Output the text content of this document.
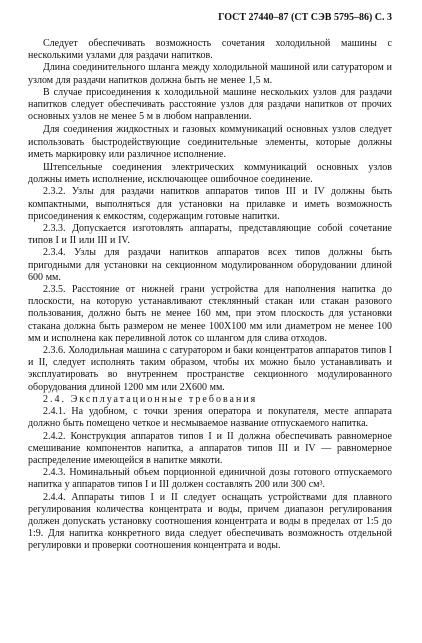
ГОСТ 27440–87 (СТ СЭВ 5795–86) С. 3

Следует обеспечивать возможность сочетания холодильной машины с несколькими узлами для раздачи напитков.

Длина соединительного шланга между холодильной машиной или сатуратором и узлом для раздачи напитков должна быть не менее 1,5 м.

В случае присоединения к холодильной машине нескольких узлов для раздачи напитков следует обеспечивать расстояние узлов для раздачи напитков от прочих основных узлов не менее 5 м в любом направлении.

Для соединения жидкостных и газовых коммуникаций основных узлов следует использовать быстродействующие соединительные элементы, которые должны иметь маркировку или различное исполнение.

Штепсельные соединения электрических коммуникаций основных узлов должны иметь исполнение, исключающее ошибочное соединение.

2.3.2. Узлы для раздачи напитков аппаратов типов III и IV должны быть компактными, выполняться для установки на прилавке и иметь возможность присоединения к емкостям, содержащим готовые напитки.

2.3.3. Допускается изготовлять аппараты, представляющие собой сочетание типов I и II или III и IV.

2.3.4. Узлы для раздачи напитков аппаратов всех типов должны быть пригодными для установки на секционном модулированном оборудовании длиной 600 мм.

2.3.5. Расстояние от нижней грани устройства для наполнения напитка до плоскости, на которую устанавливают стеклянный стакан или стакан разового пользования, должно быть не менее 160 мм, при этом плоскость для установки стакана должна быть размером не менее 100Х100 мм или диаметром не менее 100 мм и исполнена как переливной лоток со шлангом для слива отходов.

2.3.6. Холодильная машина с сатуратором и баки концентратов аппаратов типов I и II, следует исполнять таким образом, чтобы их можно было устанавливать и эксплуатировать во внутреннем пространстве секционного модулированного оборудования длиной 1200 мм или 2Х600 мм.

2.4. Эксплуатационные требования

2.4.1. На удобном, с точки зрения оператора и покупателя, месте аппарата должно быть помещено четкое и несмываемое название отпускаемого напитка.

2.4.2. Конструкция аппаратов типов I и II должна обеспечивать равномерное смешивание компонентов напитка, а аппаратов типов III и IV — равномерное распределение имеющейся в напитке мякоти.

2.4.3. Номинальный объем порционной единичной дозы готового отпускаемого напитка у аппаратов типов I и III должен составлять 200 или 300 см³.

2.4.4. Аппараты типов I и II следует оснащать устройствами для плавного регулирования количества концентрата и воды, причем диапазон регулирования должен допускать установку соотношения концентрата и воды в пределах от 1:5 до 1:9. Для напитка конкретного вида следует обеспечивать возможность отдельной регулировки и проверки соотношения концентрата и воды.
